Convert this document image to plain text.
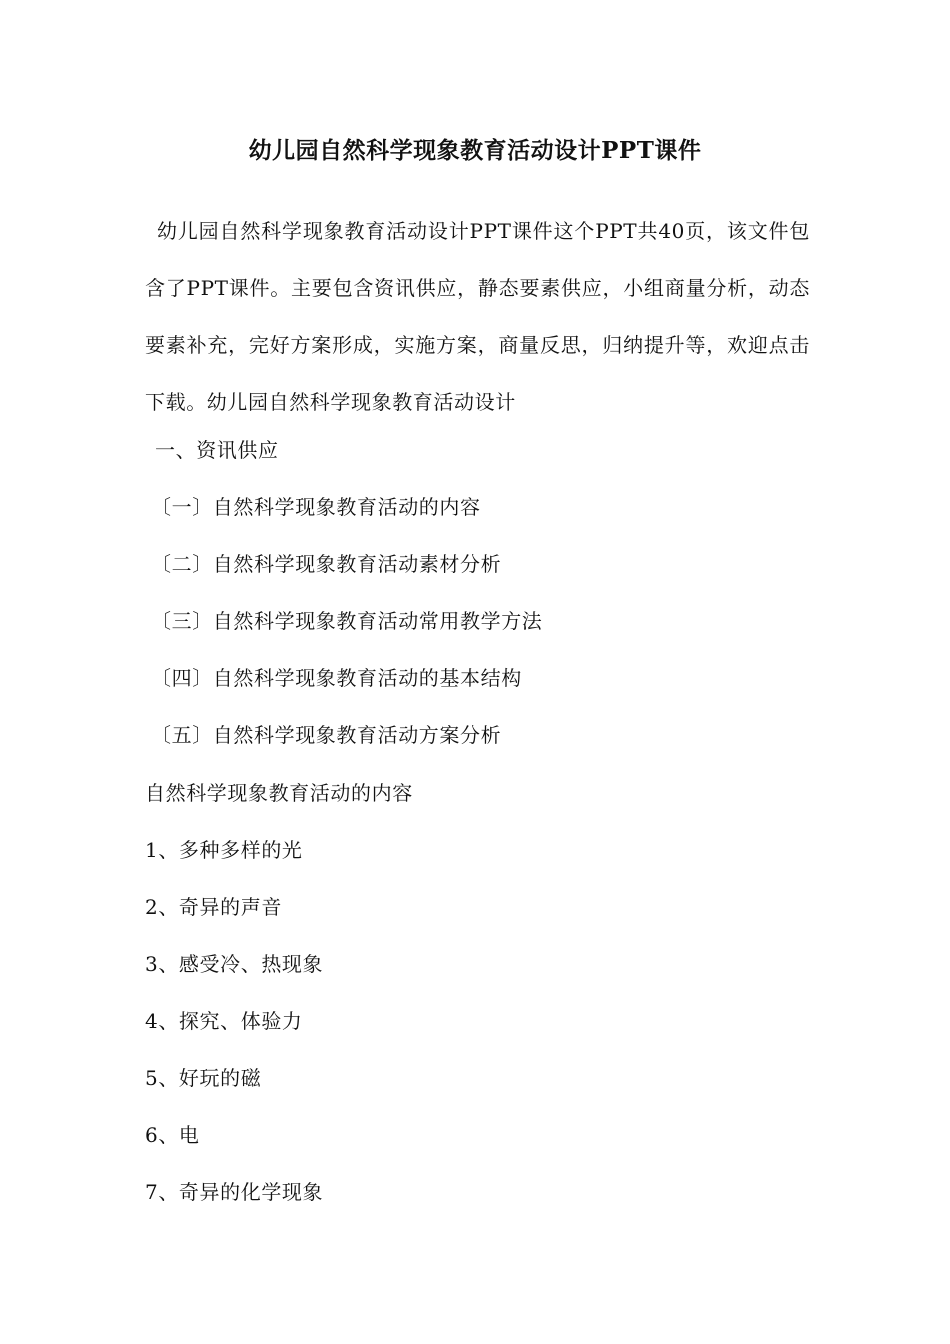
幼儿园自然科学现象教育活动设计PPT课件
幼儿园自然科学现象教育活动设计PPT课件这个PPT共40页，该文件包含了PPT课件。主要包含资讯供应，静态要素供应，小组商量分析，动态要素补充，完好方案形成，实施方案，商量反思，归纳提升等，欢迎点击下载。幼儿园自然科学现象教育活动设计
一、资讯供应
〔一〕自然科学现象教育活动的内容
〔二〕自然科学现象教育活动素材分析
〔三〕自然科学现象教育活动常用教学方法
〔四〕自然科学现象教育活动的基本结构
〔五〕自然科学现象教育活动方案分析
自然科学现象教育活动的内容
1、多种多样的光
2、奇异的声音
3、感受冷、热现象
4、探究、体验力
5、好玩的磁
6、电
7、奇异的化学现象
